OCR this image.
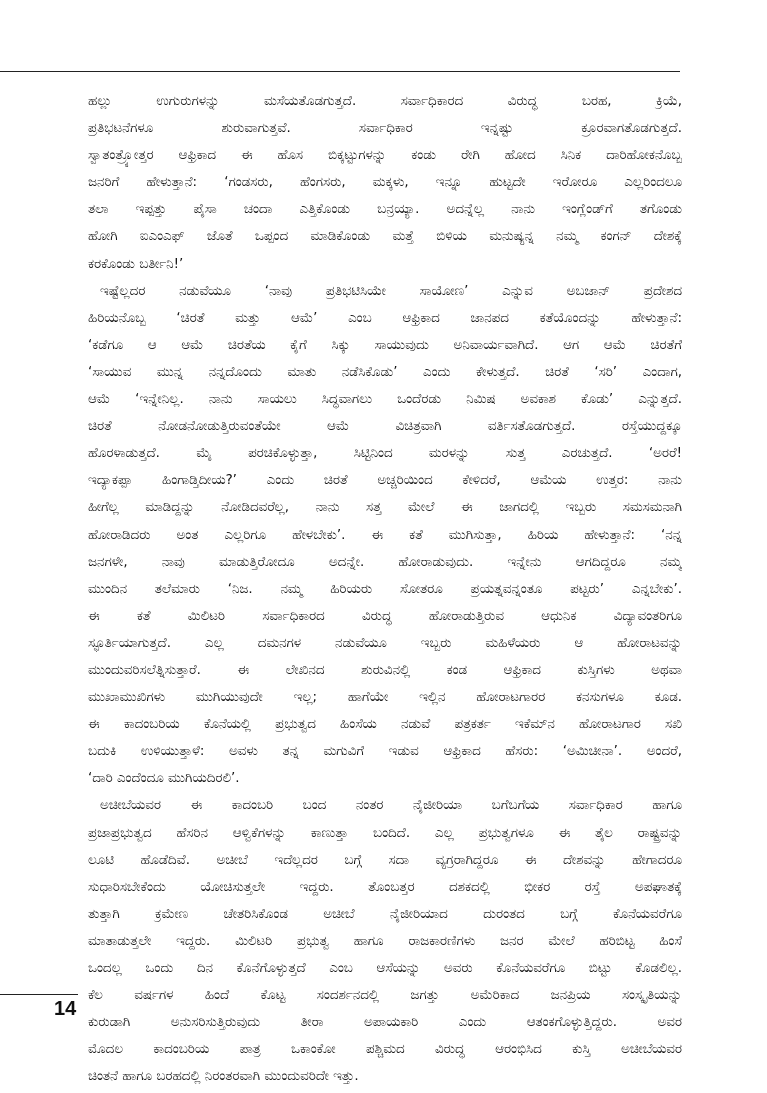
ಹಲ್ಲು ಉಗುರುಗಳನ್ನು ಮಸೆಯತೊಡಗುತ್ತದೆ. ಸರ್ವಾಧಿಕಾರದ ವಿರುದ್ಧ ಬರಹ, ಕ್ರಿಯೆ,
ಪ್ರತಿಭಟನೆಗಳೂ ಶುರುವಾಗುತ್ತವೆ. ಸರ್ವಾಧಿಕಾರ ಇನ್ನಷ್ಟು ಕ್ರೂರವಾಗತೊಡಗುತ್ತದೆ.
ಸ್ವಾತಂತ್ರ್ಯೋತ್ತರ ಆಫ್ರಿಕಾದ ಈ ಹೊಸ ಬಿಕ್ಕಟ್ಟುಗಳನ್ನು ಕಂಡು ರೇಗಿ ಹೋದ ಸಿನಿಕ ದಾರಿಹೋಕನೊಬ್ಬ
ಜನರಿಗೆ ಹೇಳುತ್ತಾನೆ: ‘ಗಂಡಸರು, ಹೆಂಗಸರು, ಮಕ್ಕಳು, ಇನ್ನೂ ಹುಟ್ಟದೇ ಇರೋರೂ ಎಲ್ಲರಿಂದಲೂ
ತಲಾ ಇಪ್ಪತ್ತು ಪೈಸಾ ಚಂದಾ ಎತ್ತಿಕೊಂಡು ಬನ್ರಯ್ಯಾ. ಅದನ್ನೆಲ್ಲ ನಾನು ಇಂಗ್ಲೆಂಡ್‌ಗೆ ತಗೊಂಡು
ಹೋಗಿ ಐಎಂಎಫ್ ಜೊತೆ ಒಪ್ಪಂದ ಮಾಡಿಕೊಂಡು ಮತ್ತೆ ಬಿಳಿಯ ಮನುಷ್ಯನ್ನ ನಮ್ಮ ಕಂಗನ್ ದೇಶಕ್ಕೆ
ಕರಕೊಂಡು ಬರ್ತೀನಿ!’
ಇಷ್ಟೆಲ್ಲದರ ನಡುವೆಯೂ ‘ನಾವು ಪ್ರತಿಭಟಿಸಿಯೇ ಸಾಯೋಣ’ ಎನ್ನುವ ಅಬಜಾನ್ ಪ್ರದೇಶದ
ಹಿರಿಯನೊಬ್ಬ ‘ಚಿರತೆ ಮತ್ತು ಆಮೆ’ ಎಂಬ ಆಫ್ರಿಕಾದ ಜಾನಪದ ಕತೆಯೊಂದನ್ನು ಹೇಳುತ್ತಾನೆ:
‘ಕಡೆಗೂ ಆ ಆಮೆ ಚಿರತೆಯ ಕೈಗೆ ಸಿಕ್ಕು ಸಾಯುವುದು ಅನಿವಾರ್ಯವಾಗಿದೆ. ಆಗ ಆಮೆ ಚಿರತೆಗೆ
‘ಸಾಯುವ ಮುನ್ನ ನನ್ನದೊಂದು ಮಾತು ನಡೆಸಿಕೊಡು’ ಎಂದು ಕೇಳುತ್ತದೆ. ಚಿರತೆ ‘ಸರಿ’ ಎಂದಾಗ,
ಆಮೆ ‘ಇನ್ನೇನಿಲ್ಲ. ನಾನು ಸಾಯಲು ಸಿದ್ಧವಾಗಲು ಒಂದೆರಡು ನಿಮಿಷ ಅವಕಾಶ ಕೊಡು’ ಎನ್ನುತ್ತದೆ.
ಚಿರತೆ ನೋಡನೋಡುತ್ತಿರುವಂತೆಯೇ ಆಮೆ ವಿಚಿತ್ರವಾಗಿ ವರ್ತಿಸತೊಡಗುತ್ತದೆ. ರಸ್ತೆಯುದ್ದಕ್ಕೂ
ಹೊರಳಾಡುತ್ತದೆ. ಮೈ ಪರಚಿಕೊಳ್ಳುತ್ತಾ, ಸಿಟ್ಟಿನಿಂದ ಮರಳನ್ನು ಸುತ್ತ ಎರಚುತ್ತದೆ. ‘ಅರರೆ!
ಇದ್ಯಾಕಪ್ಪಾ ಹಿಂಗಾಡ್ತಿದೀಯ?’ ಎಂದು ಚಿರತೆ ಅಚ್ಚರಿಯಿಂದ ಕೇಳಿದರೆ, ಆಮೆಯ ಉತ್ತರ: ನಾನು
ಹೀಗೆಲ್ಲ ಮಾಡಿದ್ದನ್ನು ನೋಡಿದವರೆಲ್ಲ, ನಾನು ಸತ್ತ ಮೇಲೆ ಈ ಜಾಗದಲ್ಲಿ ಇಬ್ಬರು ಸಮಸಮನಾಗಿ
ಹೋರಾಡಿದರು ಅಂತ ಎಲ್ಲರಿಗೂ ಹೇಳಬೇಕು’. ಈ ಕತೆ ಮುಗಿಸುತ್ತಾ, ಹಿರಿಯ ಹೇಳುತ್ತಾನೆ: ‘ನನ್ನ
ಜನಗಳೇ, ನಾವು ಮಾಡುತ್ತಿರೋದೂ ಅದನ್ನೇ. ಹೋರಾಡುವುದು. ಇನ್ನೇನು ಆಗದಿದ್ದರೂ ನಮ್ಮ
ಮುಂದಿನ ತಲೆಮಾರು ‘ನಿಜ. ನಮ್ಮ ಹಿರಿಯರು ಸೋತರೂ ಪ್ರಯತ್ನವನ್ನಂತೂ ಪಟ್ಟರು’ ಎನ್ನಬೇಕು’.
ಈ ಕತೆ ಮಿಲಿಟರಿ ಸರ್ವಾಧಿಕಾರದ ವಿರುದ್ಧ ಹೋರಾಡುತ್ತಿರುವ ಆಧುನಿಕ ವಿದ್ಯಾವಂತರಿಗೂ
ಸ್ಫೂರ್ತಿಯಾಗುತ್ತದೆ. ಎಲ್ಲ ದಮನಗಳ ನಡುವೆಯೂ ಇಬ್ಬರು ಮಹಿಳೆಯರು ಆ ಹೋರಾಟವನ್ನು
ಮುಂದುವರಿಸಲೆತ್ನಿಸುತ್ತಾರೆ. ಈ ಲೇಖಿನದ ಶುರುವಿನಲ್ಲಿ ಕಂಡ ಆಫ್ರಿಕಾದ ಕುಸ್ತಿಗಳು ಅಥವಾ
ಮುಖಾಮುಖಿಗಳು ಮುಗಿಯುವುದೇ ಇಲ್ಲ; ಹಾಗೆಯೇ ಇಲ್ಲಿನ ಹೋರಾಟಗಾರರ ಕನಸುಗಳೂ ಕೂಡ.
ಈ ಕಾದಂಬರಿಯ ಕೊನೆಯಲ್ಲಿ ಪ್ರಭುತ್ವದ ಹಿಂಸೆಯ ನಡುವೆ ಪತ್ರಕರ್ತ ಇಕೆಮ್‌ನ ಹೋರಾಟಗಾರ ಸಖಿ
ಬದುಕಿ ಉಳಿಯುತ್ತಾಳೆ: ಅವಳು ತನ್ನ ಮಗುವಿಗೆ ಇಡುವ ಆಫ್ರಿಕಾದ ಹೆಸರು: ‘ಅಮಿಚೀನಾ’. ಅಂದರೆ,
‘ದಾರಿ ಎಂದೆಂದೂ ಮುಗಿಯದಿರಲಿ’.
ಅಚೀಬೆಯವರ ಈ ಕಾದಂಬರಿ ಬಂದ ನಂತರ ನೈಜೀರಿಯಾ ಬಗೆಬಗೆಯ ಸರ್ವಾಧಿಕಾರ ಹಾಗೂ
ಪ್ರಜಾಪ್ರಭುತ್ವದ ಹೆಸರಿನ ಆಳ್ವಿಕೆಗಳನ್ನು ಕಾಣುತ್ತಾ ಬಂದಿದೆ. ಎಲ್ಲ ಪ್ರಭುತ್ವಗಳೂ ಈ ತೈಲ ರಾಷ್ಟ್ರವನ್ನು
ಲೂಟಿ ಹೊಡೆದಿವೆ. ಅಚೀಬೆ ಇದೆಲ್ಲದರ ಬಗ್ಗೆ ಸದಾ ವ್ಯಗ್ರರಾಗಿದ್ದರೂ ಈ ದೇಶವನ್ನು ಹೇಗಾದರೂ
ಸುಧಾರಿಸಬೇಕೆಂದು ಯೋಚಿಸುತ್ತಲೇ ಇದ್ದರು. ತೊಂಬತ್ತರ ದಶಕದಲ್ಲಿ ಭೀಕರ ರಸ್ತೆ ಅಪಘಾತಕ್ಕೆ
ತುತ್ತಾಗಿ ಕ್ರಮೇಣ ಚೇತರಿಸಿಕೊಂಡ ಅಚೀಬೆ ನೈಜೀರಿಯಾದ ದುರಂತದ ಬಗ್ಗೆ ಕೊನೆಯವರೆಗೂ
ಮಾತಾಡುತ್ತಲೇ ಇದ್ದರು. ಮಿಲಿಟರಿ ಪ್ರಭುತ್ವ ಹಾಗೂ ರಾಜಕಾರಣಿಗಳು ಜನರ ಮೇಲೆ ಹರಿಬಿಟ್ಟ ಹಿಂಸೆ
ಒಂದಲ್ಲ ಒಂದು ದಿನ ಕೊನೆಗೊಳ್ಳುತ್ತದೆ ಎಂಬ ಆಸೆಯನ್ನು ಅವರು ಕೊನೆಯವರೆಗೂ ಬಿಟ್ಟು ಕೊಡಲಿಲ್ಲ.
ಕೆಲ ವರ್ಷಗಳ ಹಿಂದೆ ಕೊಟ್ಟ ಸಂದರ್ಶನದಲ್ಲಿ ಜಗತ್ತು ಅಮೆರಿಕಾದ ಜನಪ್ರಿಯ ಸಂಸ್ಕೃತಿಯನ್ನು
ಕುರುಡಾಗಿ ಅನುಸರಿಸುತ್ತಿರುವುದು ತೀರಾ ಅಪಾಯಕಾರಿ ಎಂದು ಆತಂಕಗೊಳ್ಳುತ್ತಿದ್ದರು. ಅವರ
ಮೊದಲ ಕಾದಂಬರಿಯ ಪಾತ್ರ ಒಕಾಂಕೋ ಪಶ್ಚಿಮದ ವಿರುದ್ಧ ಆರಂಭಿಸಿದ ಕುಸ್ತಿ ಅಚೀಬೆಯವರ
ಚಿಂತನೆ ಹಾಗೂ ಬರಹದಲ್ಲಿ ನಿರಂತರವಾಗಿ ಮುಂದುವರಿದೇ ಇತ್ತು.
14
